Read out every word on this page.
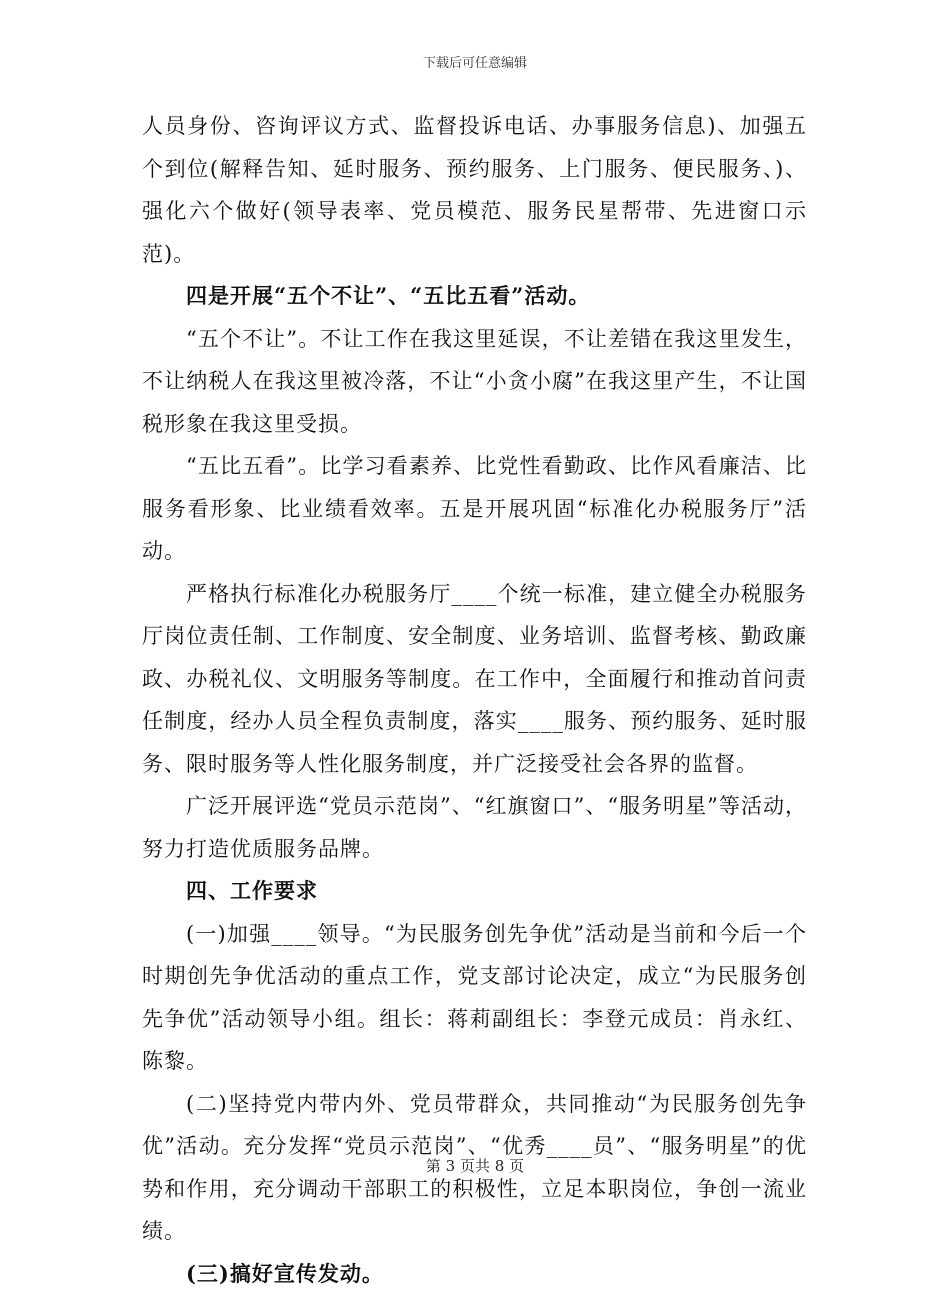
下载后可任意编辑

人员身份、咨询评议方式、监督投诉电话、办事服务信息)、加强五个到位(解释告知、延时服务、预约服务、上门服务、便民服务、)、强化六个做好(领导表率、党员模范、服务民星帮带、先进窗口示范)。

四是开展“五个不让”、“五比五看”活动。

“五个不让”。不让工作在我这里延误，不让差错在我这里发生，不让纳税人在我这里被冷落，不让“小贪小腐”在我这里产生，不让国税形象在我这里受损。

“五比五看”。比学习看素养、比党性看勤政、比作风看廉洁、比服务看形象、比业绩看效率。五是开展巩固“标准化办税服务厅”活动。

严格执行标准化办税服务厅____个统一标准，建立健全办税服务厅岗位责任制、工作制度、安全制度、业务培训、监督考核、勤政廉政、办税礼仪、文明服务等制度。在工作中，全面履行和推动首问责任制度，经办人员全程负责制度，落实____服务、预约服务、延时服务、限时服务等人性化服务制度，并广泛接受社会各界的监督。

广泛开展评选“党员示范岗”、“红旗窗口”、“服务明星”等活动，努力打造优质服务品牌。

四、工作要求

(一)加强____领导。“为民服务创先争优”活动是当前和今后一个时期创先争优活动的重点工作，党支部讨论决定，成立“为民服务创先争优”活动领导小组。组长：蒋莉副组长：李登元成员：肖永红、陈黎。

(二)坚持党内带内外、党员带群众，共同推动“为民服务创先争优”活动。充分发挥“党员示范岗”、“优秀____员”、“服务明星”的优势和作用，充分调动干部职工的积极性，立足本职岗位，争创一流业绩。

(三)搞好宣传发动。

第 3 页共 8 页
